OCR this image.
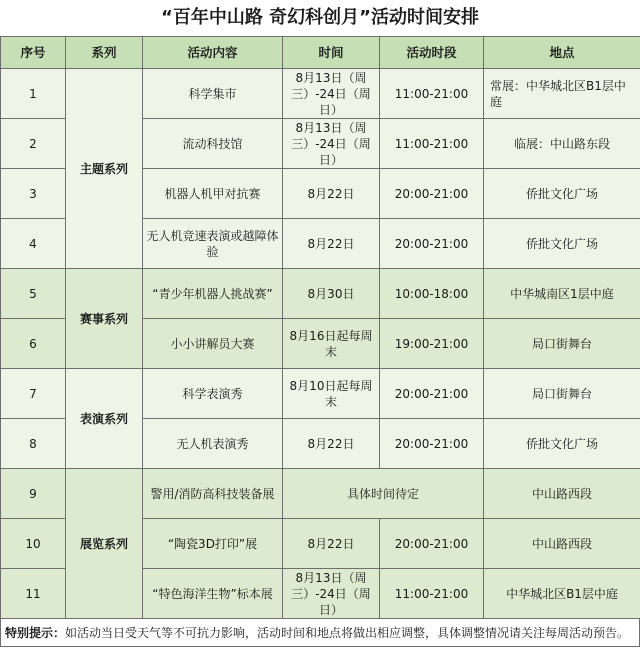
“百年中山路 奇幻科创月”活动时间安排
序号	系列	活动内容	时间	活动时段	地点
1	主题系列	科学集市	8月13日（周三）-24日（周日）	11:00-21:00	常展：中华城北区B1层中庭
2		流动科技馆	8月13日（周三）-24日（周日）	11:00-21:00	临展：中山路东段
3		机器人机甲对抗赛	8月22日	20:00-21:00	侨批文化广场
4		无人机竞速表演或越障体验	8月22日	20:00-21:00	侨批文化广场
5	赛事系列	“青少年机器人挑战赛”	8月30日	10:00-18:00	中华城南区1层中庭
6		小小讲解员大赛	8月16日起每周末	19:00-21:00	局口街舞台
7	表演系列	科学表演秀	8月10日起每周末	20:00-21:00	局口街舞台
8		无人机表演秀	8月22日	20:00-21:00	侨批文化广场
9	展览系列	警用/消防高科技装备展	具体时间待定		中山路西段
10		“陶瓷3D打印”展	8月22日	20:00-21:00	中山路西段
11		“特色海洋生物”标本展	8月13日（周三）-24日（周日）	11:00-21:00	中华城北区B1层中庭
特别提示：如活动当日受天气等不可抗力影响，活动时间和地点将做出相应调整，具体调整情况请关注每周活动预告。
